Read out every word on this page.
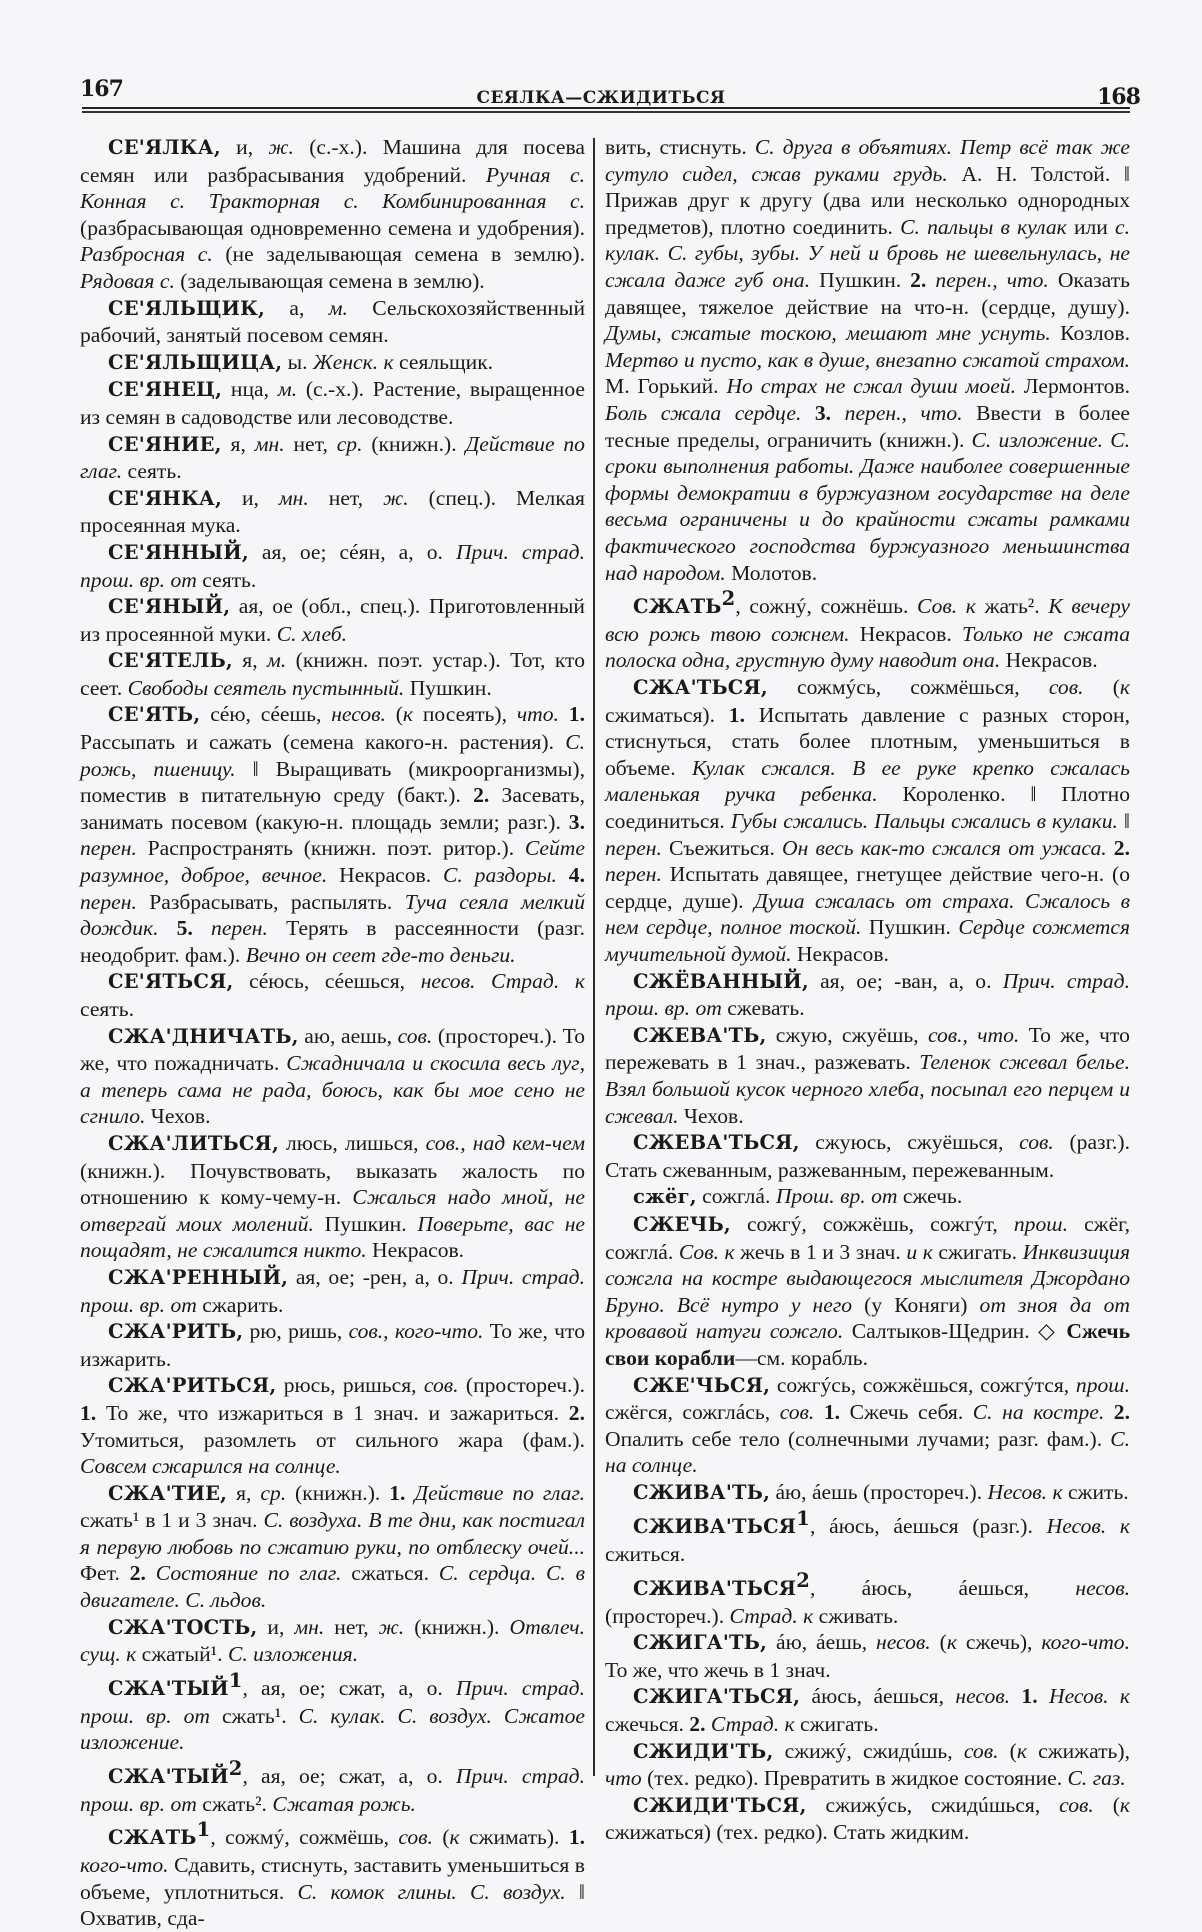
167	СЕЯЛКА—СЖИДИТЬСЯ	168

СЕ'ЯЛКА, и, ж. (с.-х.). Машина для посева семян или разбрасывания удобрений. Ручная с. Конная с. Тракторная с. Комбинированная с. (разбрасывающая одновременно семена и удобрения). Разбросная с. (не заделывающая семена в землю). Рядовая с. (заделывающая семена в землю).

СЕ'ЯЛЬЩИК, а, м. Сельскохозяйственный рабочий, занятый посевом семян.

СЕ'ЯЛЬЩИЦА, ы. Женск. к сеяльщик.

СЕ'ЯНЕЦ, нца, м. (с.-х.). Растение, выращенное из семян в садоводстве или лесоводстве.

СЕ'ЯНИЕ, я, мн. нет, ср. (книжн.). Действие по глаг. сеять.

СЕ'ЯНКА, и, мн. нет, ж. (спец.). Мелкая просеянная мука.

СЕ'ЯННЫЙ, ая, ое; сéян, а, о. Прич. страд. прош. вр. от сеять.

СЕ'ЯНЫЙ, ая, ое (обл., спец.). Приготовленный из просеянной муки. С. хлеб.

СЕ'ЯТЕЛЬ, я, м. (книжн. поэт. устар.). Тот, кто сеет. Свободы сеятель пустынный. Пушкин.

СЕ'ЯТЬ, сéю, сéешь, несов. (к посеять), что. 1. Рассыпать и сажать (семена какого-н. растения). С. рожь, пшеницу. ‖ Выращивать (микроорганизмы), поместив в питательную среду (бакт.). 2. Засевать, занимать посевом (какую-н. площадь земли; разг.). 3. перен. Распространять (книжн. поэт. ритор.). Сейте разумное, доброе, вечное. Некрасов. С. раздоры. 4. перен. Разбрасывать, распылять. Туча сеяла мелкий дождик. 5. перен. Терять в рассеянности (разг. неодобрит. фам.). Вечно он сеет где-то деньги.

СЕ'ЯТЬСЯ, сéюсь, сéешься, несов. Страд. к сеять.

СЖА'ДНИЧАТЬ, аю, аешь, сов. (простореч.). То же, что пожадничать. Сжадничала и скосила весь луг, а теперь сама не рада, боюсь, как бы мое сено не сгнило. Чехов.

СЖА'ЛИТЬСЯ, люсь, лишься, сов., над кем-чем (книжн.). Почувствовать, выказать жалость по отношению к кому-чему-н. Сжалься надо мной, не отвергай моих молений. Пушкин. Поверьте, вас не пощадят, не сжалится никто. Некрасов.

СЖА'РЕННЫЙ, ая, ое; -рен, а, о. Прич. страд. прош. вр. от сжарить.

СЖА'РИТЬ, рю, ришь, сов., кого-что. То же, что изжарить.

СЖА'РИТЬСЯ, рюсь, ришься, сов. (простореч.). 1. То же, что изжариться в 1 знач. и зажариться. 2. Утомиться, разомлеть от сильного жара (фам.). Совсем сжарился на солнце.

СЖА'ТИЕ, я, ср. (книжн.). 1. Действие по глаг. сжать¹ в 1 и 3 знач. С. воздуха. В те дни, как постигал я первую любовь по сжатию руки, по отблеску очей... Фет. 2. Состояние по глаг. сжаться. С. сердца. С. в двигателе. С. льдов.

СЖА'ТОСТЬ, и, мн. нет, ж. (книжн.). Отвлеч. сущ. к сжатый¹. С. изложения.

СЖА'ТЫЙ$^1$, ая, ое; сжат, а, о. Прич. страд. прош. вр. от сжать¹. С. кулак. С. воздух. Сжатое изложение.

СЖА'ТЫЙ$^2$, ая, ое; сжат, а, о. Прич. страд. прош. вр. от сжать². Сжатая рожь.

СЖАТЬ$^1$, сожмý, сожмёшь, сов. (к сжимать). 1. кого-что. Сдавить, стиснуть, заставить уменьшиться в объеме, уплотниться. С. комок глины. С. воздух. ‖ Охватив, сда-

вить, стиснуть. С. друга в объятиях. Петр всё так же сутуло сидел, сжав руками грудь. А. Н. Толстой. ‖ Прижав друг к другу (два или несколько однородных предметов), плотно соединить. С. пальцы в кулак или с. кулак. С. губы, зубы. У ней и бровь не шевельнулась, не сжала даже губ она. Пушкин. 2. перен., что. Оказать давящее, тяжелое действие на что-н. (сердце, душу). Думы, сжатые тоскою, мешают мне уснуть. Козлов. Мертво и пусто, как в душе, внезапно сжатой страхом. М. Горький. Но страх не сжал души моей. Лермонтов. Боль сжала сердце. 3. перен., что. Ввести в более тесные пределы, ограничить (книжн.). С. изложение. С. сроки выполнения работы. Даже наиболее совершенные формы демократии в буржуазном государстве на деле весьма ограничены и до крайности сжаты рамками фактического господства буржуазного меньшинства над народом. Молотов.

СЖАТЬ$^2$, сожнý, сожнёшь. Сов. к жать². К вечеру всю рожь твою сожнем. Некрасов. Только не сжата полоска одна, грустную думу наводит она. Некрасов.

СЖА'ТЬСЯ, сожмýсь, сожмёшься, сов. (к сжиматься). 1. Испытать давление с разных сторон, стиснуться, стать более плотным, уменьшиться в объеме. Кулак сжался. В ее руке крепко сжалась маленькая ручка ребенка. Короленко. ‖ Плотно соединиться. Губы сжались. Пальцы сжались в кулаки. ‖ перен. Съежиться. Он весь как-то сжался от ужаса. 2. перен. Испытать давящее, гнетущее действие чего-н. (о сердце, душе). Душа сжалась от страха. Сжалось в нем сердце, полное тоской. Пушкин. Сердце сожмется мучительной думой. Некрасов.

СЖЁВАННЫЙ, ая, ое; -ван, а, о. Прич. страд. прош. вр. от сжевать.

СЖЕВА'ТЬ, сжую, сжуёшь, сов., что. То же, что пережевать в 1 знач., разжевать. Теленок сжевал белье. Взял большой кусок черного хлеба, посыпал его перцем и сжевал. Чехов.

СЖЕВА'ТЬСЯ, сжуюсь, сжуёшься, сов. (разг.). Стать сжеванным, разжеванным, пережеванным.

сжёг, сожглá. Прош. вр. от сжечь.

СЖЕЧЬ, сожгý, сожжёшь, сожгýт, прош. сжёг, сожглá. Сов. к жечь в 1 и 3 знач. и к сжигать. Инквизиция сожгла на костре выдающегося мыслителя Джордано Бруно. Всё нутро у него (у Коняги) от зноя да от кровавой натуги сожгло. Салтыков-Щедрин. ◇ Сжечь свои корабли—см. корабль.

СЖЕ'ЧЬСЯ, сожгýсь, сожжёшься, сожгýтся, прош. сжёгся, сожглáсь, сов. 1. Сжечь себя. С. на костре. 2. Опалить себе тело (солнечными лучами; разг. фам.). С. на солнце.

СЖИВА'ТЬ, áю, áешь (простореч.). Несов. к сжить.

СЖИВА'ТЬСЯ$^1$, áюсь, áешься (разг.). Несов. к сжиться.

СЖИВА'ТЬСЯ$^2$, áюсь, áешься, несов. (простореч.). Страд. к сживать.

СЖИГА'ТЬ, áю, áешь, несов. (к сжечь), кого-что. То же, что жечь в 1 знач.

СЖИГА'ТЬСЯ, áюсь, áешься, несов. 1. Несов. к сжечься. 2. Страд. к сжигать.

СЖИДИ'ТЬ, сжижý, сжидúшь, сов. (к сжижать), что (тех. редко). Превратить в жидкое состояние. С. газ.

СЖИДИ'ТЬСЯ, сжижýсь, сжидúшься, сов. (к сжижаться) (тех. редко). Стать жидким.
